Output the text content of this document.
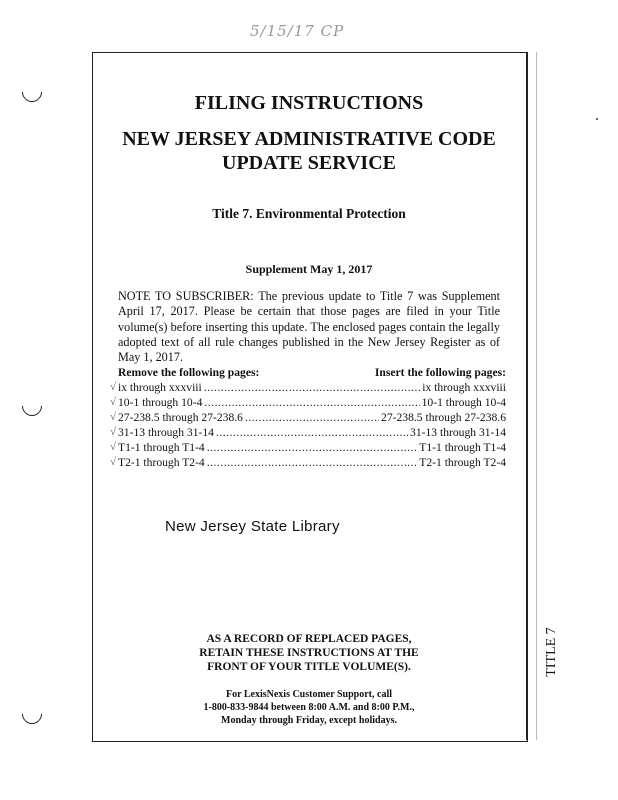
5/15/17 CP
FILING INSTRUCTIONS
NEW JERSEY ADMINISTRATIVE CODE
UPDATE SERVICE
Title 7. Environmental Protection
Supplement May 1, 2017
NOTE TO SUBSCRIBER: The previous update to Title 7 was Supplement April 17, 2017. Please be certain that those pages are filed in your Title volume(s) before inserting this update. The enclosed pages contain the legally adopted text of all rule changes published in the New Jersey Register as of May 1, 2017.
Remove the following pages:	Insert the following pages:
√ ix through xxxviii .....	ix through xxxviii
√ 10-1 through 10-4 .....	10-1 through 10-4
√ 27-238.5 through 27-238.6 .....	27-238.5 through 27-238.6
√ 31-13 through 31-14 .....	31-13 through 31-14
√ T1-1 through T1-4 .....	T1-1 through T1-4
√ T2-1 through T2-4 .....	T2-1 through T2-4
New Jersey State Library
TITLE 7
AS A RECORD OF REPLACED PAGES,
RETAIN THESE INSTRUCTIONS AT THE
FRONT OF YOUR TITLE VOLUME(S).
For LexisNexis Customer Support, call
1-800-833-9844 between 8:00 A.M. and 8:00 P.M.,
Monday through Friday, except holidays.
